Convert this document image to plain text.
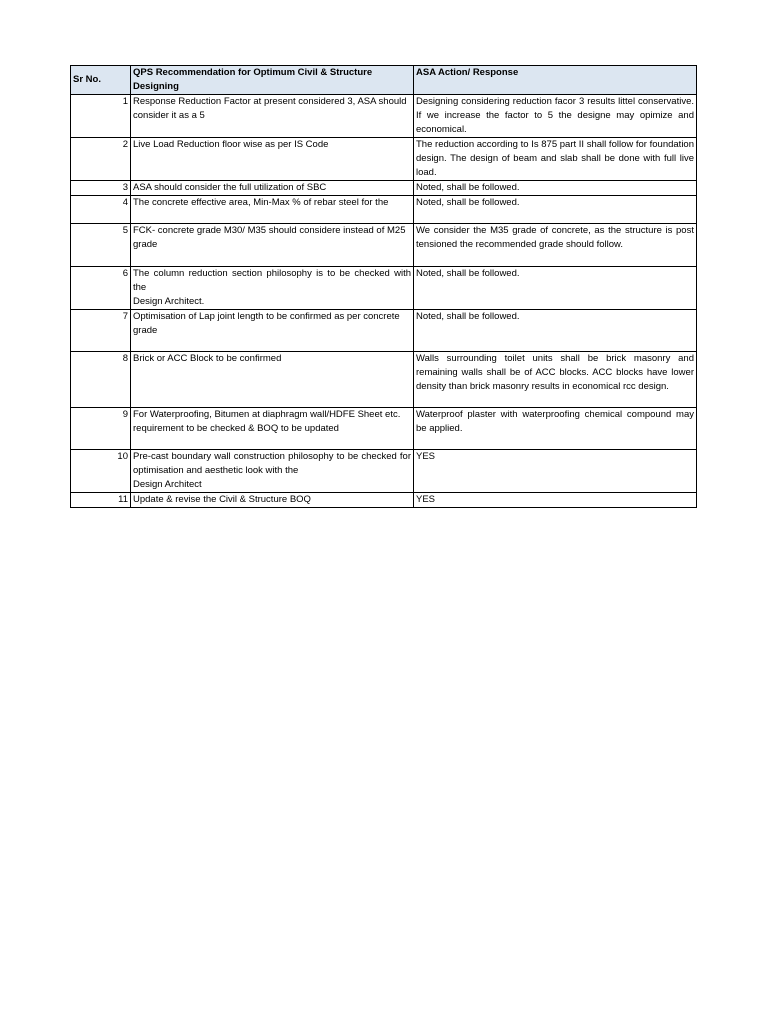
Sr No.	QPS Recommendation for Optimum Civil & Structure Designing	ASA Action/ Response
1	Response Reduction Factor at present considered 3, ASA should
consider it as a 5	Designing considering reduction facor 3 results littel conservative. If we increase the factor to 5 the designe may opimize and economical.
2	Live Load Reduction floor wise as per IS Code	The reduction according to Is 875 part II shall follow for foundation design. The design of beam and slab shall be done with full live load.
3	ASA should consider the full utilization of SBC	Noted, shall be followed.
4	The concrete effective area, Min-Max % of rebar steel for the	Noted, shall be followed.
5	FCK- concrete grade M30/ M35 should considere instead of M25
grade	We consider the M35 grade of concrete, as the structure is post tensioned the recommended grade should follow.
6	The column reduction section philosophy is to be checked with the
Design Architect.	Noted, shall be followed.
7	Optimisation of Lap joint length to be confirmed as per concrete
grade	Noted, shall be followed.
8	Brick or ACC Block to be confirmed	Walls surrounding toilet units shall be brick masonry and remaining walls shall be of ACC blocks. ACC blocks have lower density than brick masonry results in economical rcc design.
9	For Waterproofing, Bitumen at diaphragm wall/HDFE Sheet etc.
requirement to be checked & BOQ to be updated	Waterproof plaster with waterproofing chemical compound may be applied.
10	Pre-cast boundary wall construction philosophy to be checked for optimisation and aesthetic look with the
Design Architect	YES
11	Update & revise the Civil & Structure BOQ	YES
